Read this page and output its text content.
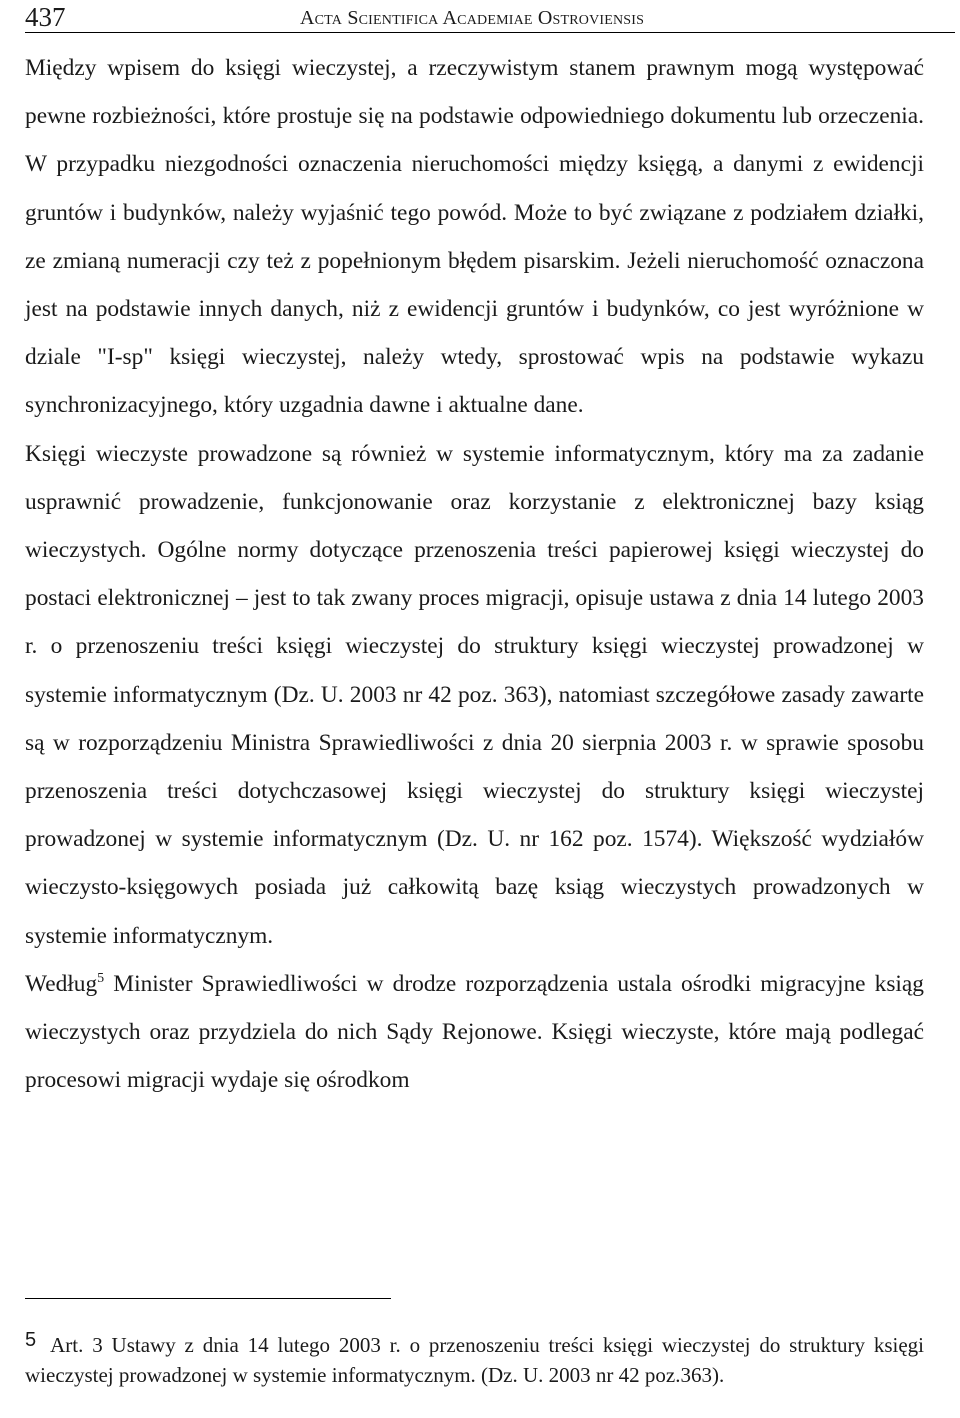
437	Acta Scientifica Academiae Ostroviensis

Między wpisem do księgi wieczystej, a rzeczywistym stanem prawnym mogą występować pewne rozbieżności, które prostuje się na podstawie odpowiedniego dokumentu lub orzeczenia. W przypadku niezgodności oznaczenia nieruchomości między księgą, a danymi z ewidencji gruntów i budynków, należy wyjaśnić tego powód. Może to być związane z podziałem działki, ze zmianą numeracji czy też z popełnionym błędem pisarskim. Jeżeli nieruchomość oznaczona jest na podstawie innych danych, niż z ewidencji gruntów i budynków, co jest wyróżnione w dziale "I-sp" księgi wieczystej, należy wtedy, sprostować wpis na podstawie wykazu synchronizacyjnego, który uzgadnia dawne i aktualne dane.

Księgi wieczyste prowadzone są również w systemie informatycznym, który ma za zadanie usprawnić prowadzenie, funkcjonowanie oraz korzystanie z elektronicznej bazy ksiąg wieczystych. Ogólne normy dotyczące przenoszenia treści papierowej księgi wieczystej do postaci elektronicznej – jest to tak zwany proces migracji, opisuje ustawa z dnia 14 lutego 2003 r. o przenoszeniu treści księgi wieczystej do struktury księgi wieczystej prowadzonej w systemie informatycznym (Dz. U. 2003 nr 42 poz. 363), natomiast szczegółowe zasady zawarte są w rozporządzeniu Ministra Sprawiedliwości z dnia 20 sierpnia 2003 r. w sprawie sposobu przenoszenia treści dotychczasowej księgi wieczystej do struktury księgi wieczystej prowadzonej w systemie informatycznym (Dz. U. nr 162 poz. 1574). Większość wydziałów wieczysto-księgowych posiada już całkowitą bazę ksiąg wieczystych prowadzonych w systemie informatycznym.

Według$^5$ Minister Sprawiedliwości w drodze rozporządzenia ustala ośrodki migracyjne ksiąg wieczystych oraz przydziela do nich Sądy Rejonowe. Księgi wieczyste, które mają podlegać procesowi migracji wydaje się ośrodkom

5 Art. 3 Ustawy z dnia 14 lutego 2003 r. o przenoszeniu treści księgi wieczystej do struktury księgi wieczystej prowadzonej w systemie informatycznym. (Dz. U. 2003 nr 42 poz.363).
